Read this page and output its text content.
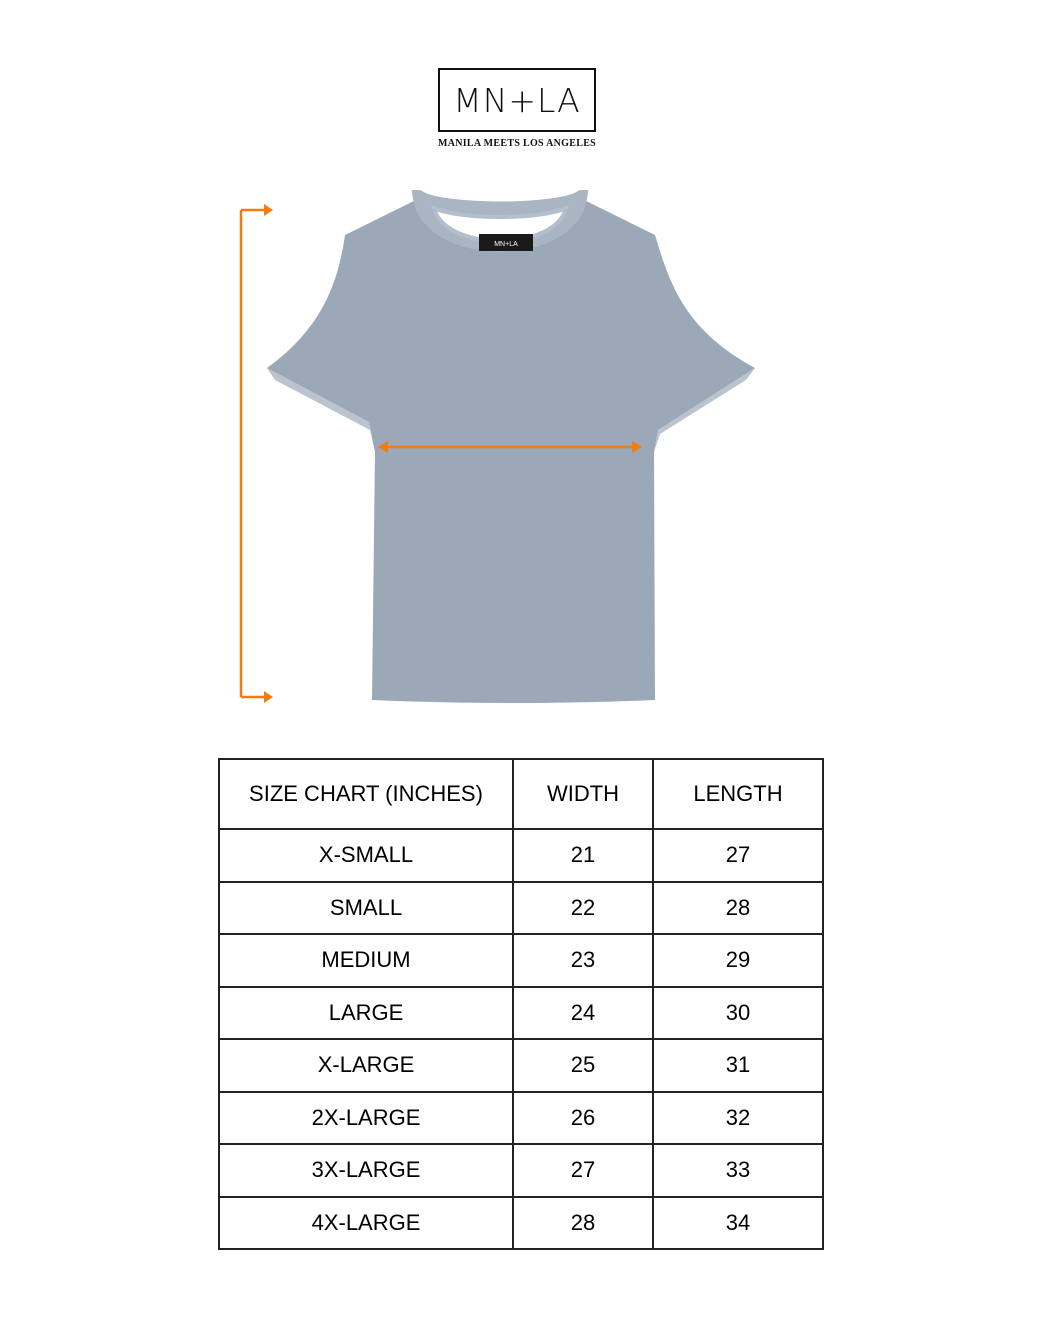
MN+LA
MANILA MEETS LOS ANGELES
MN+LA
SIZE CHART (INCHES)	WIDTH	LENGTH
X-SMALL	21	27
SMALL	22	28
MEDIUM	23	29
LARGE	24	30
X-LARGE	25	31
2X-LARGE	26	32
3X-LARGE	27	33
4X-LARGE	28	34
